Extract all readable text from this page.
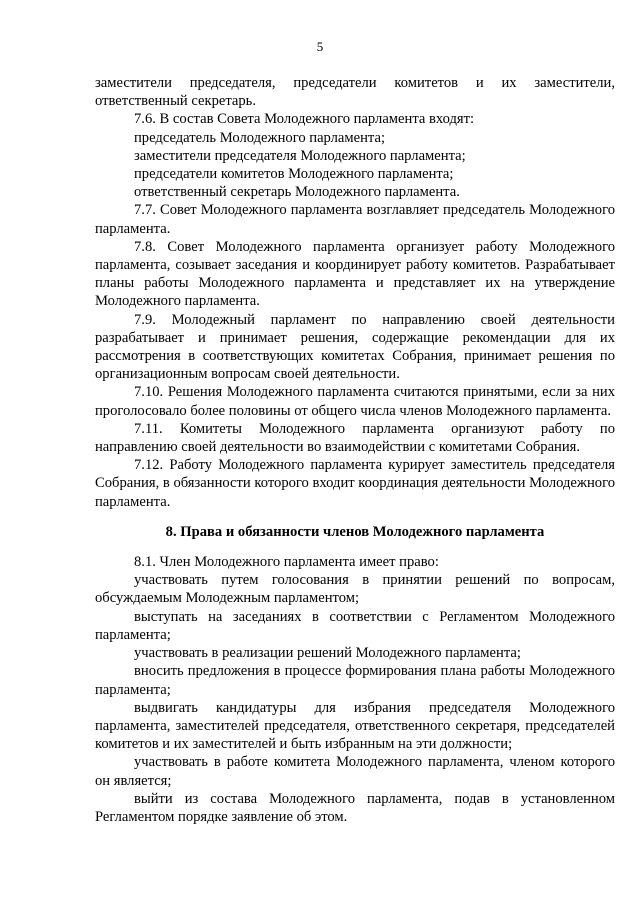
5

заместители председателя, председатели комитетов и их заместители, ответственный секретарь.

7.6. В состав Совета Молодежного парламента входят:

председатель Молодежного парламента;

заместители председателя Молодежного парламента;

председатели комитетов Молодежного парламента;

ответственный секретарь Молодежного парламента.

7.7. Совет Молодежного парламента возглавляет председатель Молодежного парламента.

7.8. Совет Молодежного парламента организует работу Молодежного парламента, созывает заседания и координирует работу комитетов. Разрабатывает планы работы Молодежного парламента и представляет их на утверждение Молодежного парламента.

7.9. Молодежный парламент по направлению своей деятельности разрабатывает и принимает решения, содержащие рекомендации для их рассмотрения в соответствующих комитетах Собрания, принимает решения по организационным вопросам своей деятельности.

7.10. Решения Молодежного парламента считаются принятыми, если за них проголосовало более половины от общего числа членов Молодежного парламента.

7.11. Комитеты Молодежного парламента организуют работу по направлению своей деятельности во взаимодействии с комитетами Собрания.

7.12. Работу Молодежного парламента курирует заместитель председателя Собрания, в обязанности которого входит координация деятельности Молодежного парламента.

8. Права и обязанности членов Молодежного парламента

8.1. Член Молодежного парламента имеет право:

участвовать путем голосования в принятии решений по вопросам, обсуждаемым Молодежным парламентом;

выступать на заседаниях в соответствии с Регламентом Молодежного парламента;

участвовать в реализации решений Молодежного парламента;

вносить предложения в процессе формирования плана работы Молодежного парламента;

выдвигать кандидатуры для избрания председателя Молодежного парламента, заместителей председателя, ответственного секретаря, председателей комитетов и их заместителей и быть избранным на эти должности;

участвовать в работе комитета Молодежного парламента, членом которого он является;

выйти из состава Молодежного парламента, подав в установленном Регламентом порядке заявление об этом.
